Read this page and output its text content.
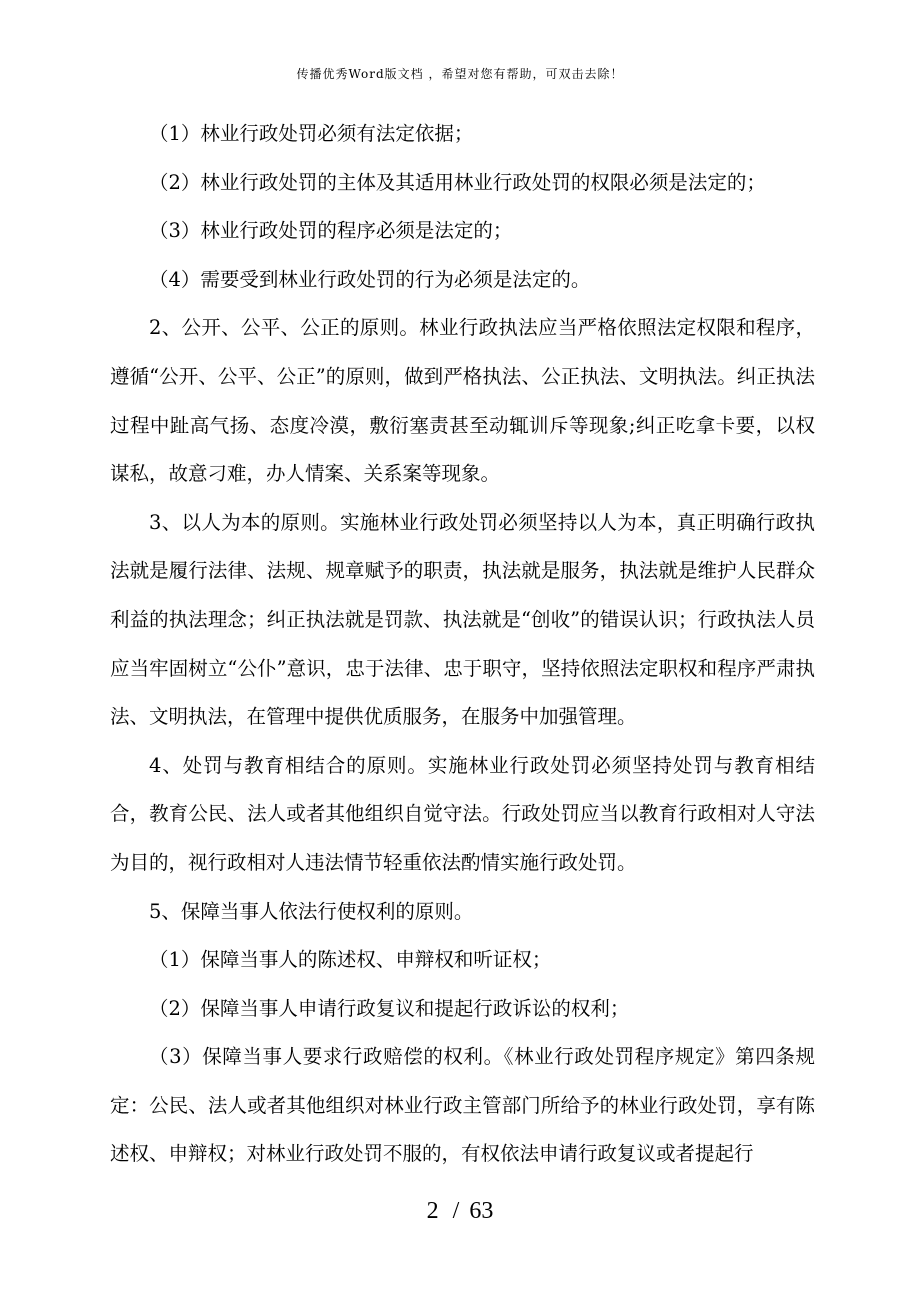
传播优秀Word版文档 ，希望对您有帮助，可双击去除！

（1）林业行政处罚必须有法定依据；

（2）林业行政处罚的主体及其适用林业行政处罚的权限必须是法定的；

（3）林业行政处罚的程序必须是法定的；

（4）需要受到林业行政处罚的行为必须是法定的。

2、公开、公平、公正的原则。林业行政执法应当严格依照法定权限和程序，遵循“公开、公平、公正”的原则，做到严格执法、公正执法、文明执法。纠正执法过程中趾高气扬、态度冷漠，敷衍塞责甚至动辄训斥等现象;纠正吃拿卡要，以权谋私，故意刁难，办人情案、关系案等现象。

3、以人为本的原则。实施林业行政处罚必须坚持以人为本，真正明确行政执法就是履行法律、法规、规章赋予的职责，执法就是服务，执法就是维护人民群众利益的执法理念；纠正执法就是罚款、执法就是“创收”的错误认识；行政执法人员应当牢固树立“公仆”意识，忠于法律、忠于职守，坚持依照法定职权和程序严肃执法、文明执法，在管理中提供优质服务，在服务中加强管理。

4、处罚与教育相结合的原则。实施林业行政处罚必须坚持处罚与教育相结合，教育公民、法人或者其他组织自觉守法。行政处罚应当以教育行政相对人守法为目的，视行政相对人违法情节轻重依法酌情实施行政处罚。

5、保障当事人依法行使权利的原则。

（1）保障当事人的陈述权、申辩权和听证权；

（2）保障当事人申请行政复议和提起行政诉讼的权利；

（3）保障当事人要求行政赔偿的权利。《林业行政处罚程序规定》第四条规定：公民、法人或者其他组织对林业行政主管部门所给予的林业行政处罚，享有陈述权、申辩权；对林业行政处罚不服的，有权依法申请行政复议或者提起行

2 / 63
